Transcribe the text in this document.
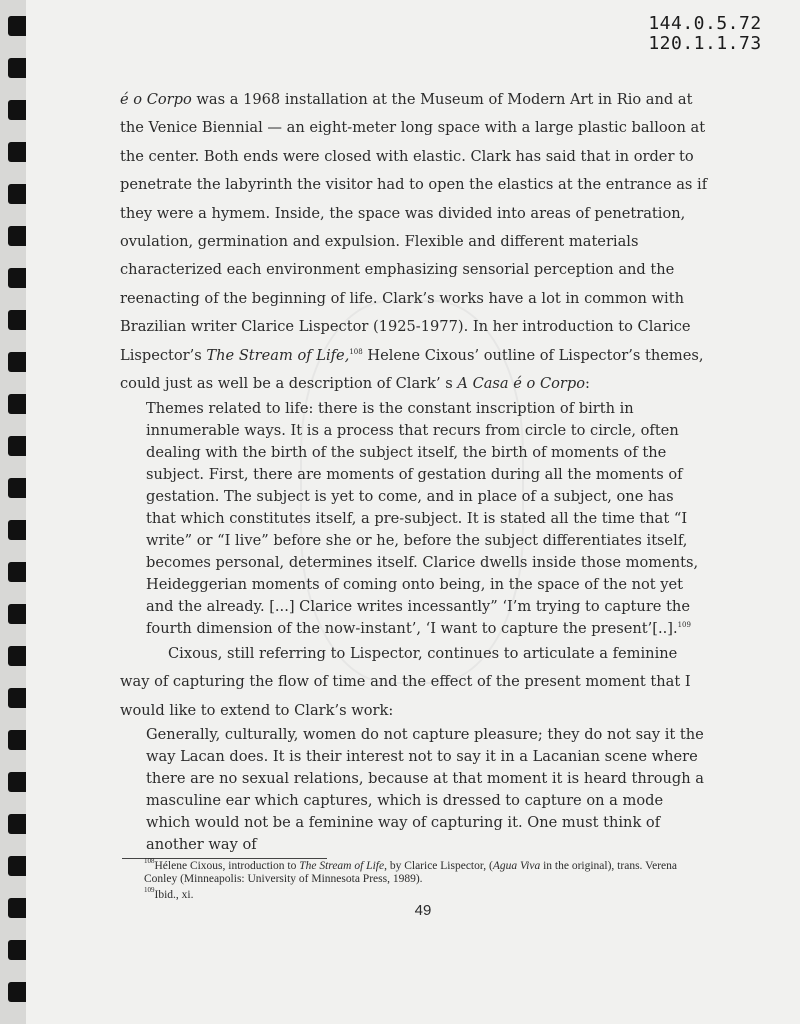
144.0.5.72
120.1.1.73
é o Corpo was a 1968 installation at the Museum of Modern Art in Rio and at the Venice Biennial — an eight-meter long space with a large plastic balloon at the center. Both ends were closed with elastic. Clark has said that in order to penetrate the labyrinth the visitor had to open the elastics at the entrance as if they were a hymem. Inside, the space was divided into areas of penetration, ovulation, germination and expulsion. Flexible and different materials characterized each environment emphasizing sensorial perception and the reenacting of the beginning of life. Clark’s works have a lot in common with Brazilian writer Clarice Lispector (1925-1977). In her introduction to Clarice Lispector’s The Stream of Life,$^{108}$ Helene Cixous’ outline of Lispector’s themes, could just as well be a description of Clark’ s A Casa é o Corpo:
Themes related to life: there is the constant inscription of birth in innumerable ways. It is a process that recurs from circle to circle, often dealing with the birth of the subject itself, the birth of moments of the subject. First, there are moments of gestation during all the moments of gestation. The subject is yet to come, and in place of a subject, one has that which constitutes itself, a pre-subject. It is stated all the time that “I write” or “I live” before she or he, before the subject differentiates itself, becomes personal, determines itself. Clarice dwells inside those moments, Heideggerian moments of coming onto being, in the space of the not yet and the already. [...] Clarice writes incessantly” ‘I’m trying to capture the fourth dimension of the now-instant’, ‘I want to capture the present’[..].$^{109}$
Cixous, still referring to Lispector, continues to articulate a feminine way of capturing the flow of time and the effect of the present moment that I would like to extend to Clark’s work:
Generally, culturally, women do not capture pleasure; they do not say it the way Lacan does. It is their interest not to say it in a Lacanian scene where there are no sexual relations, because at that moment it is heard through a masculine ear which captures, which is dressed to capture on a mode which would not be a feminine way of capturing it. One must think of another way of
$^{108}$Hélene Cixous, introduction to The Stream of Life, by Clarice Lispector, (Agua Viva in the original), trans. Verena Conley (Minneapolis: University of Minnesota Press, 1989).
$^{109}$Ibid., xi.
49
